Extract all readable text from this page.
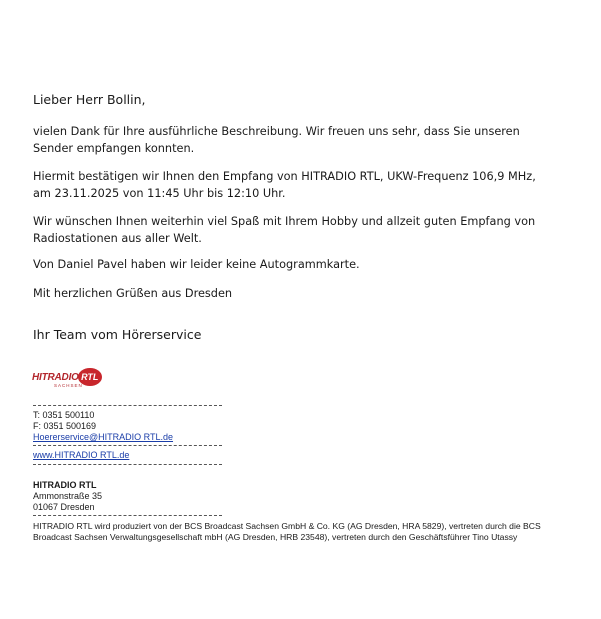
Lieber Herr Bollin,
vielen Dank für Ihre ausführliche Beschreibung. Wir freuen uns sehr, dass Sie unseren Sender empfangen konnten.
Hiermit bestätigen wir Ihnen den Empfang von HITRADIO RTL, UKW-Frequenz 106,9 MHz, am 23.11.2025 von 11:45 Uhr bis 12:10 Uhr.
Wir wünschen Ihnen weiterhin viel Spaß mit Ihrem Hobby und allzeit guten Empfang von Radiostationen aus aller Welt.
Von Daniel Pavel haben wir leider keine Autogrammkarte.
Mit herzlichen Grüßen aus Dresden
Ihr Team vom Hörerservice
HITRADIO
SACHSEN
RTL
T: 0351 500110
F: 0351 500169
Hoererservice@HITRADIO RTL.de
www.HITRADIO RTL.de
HITRADIO RTL
Ammonstraße 35
01067 Dresden
HITRADIO RTL wird produziert von der BCS Broadcast Sachsen GmbH & Co. KG (AG Dresden, HRA 5829), vertreten durch die BCS Broadcast Sachsen Verwaltungsgesellschaft mbH (AG Dresden, HRB 23548), vertreten durch den Geschäftsführer Tino Utassy
